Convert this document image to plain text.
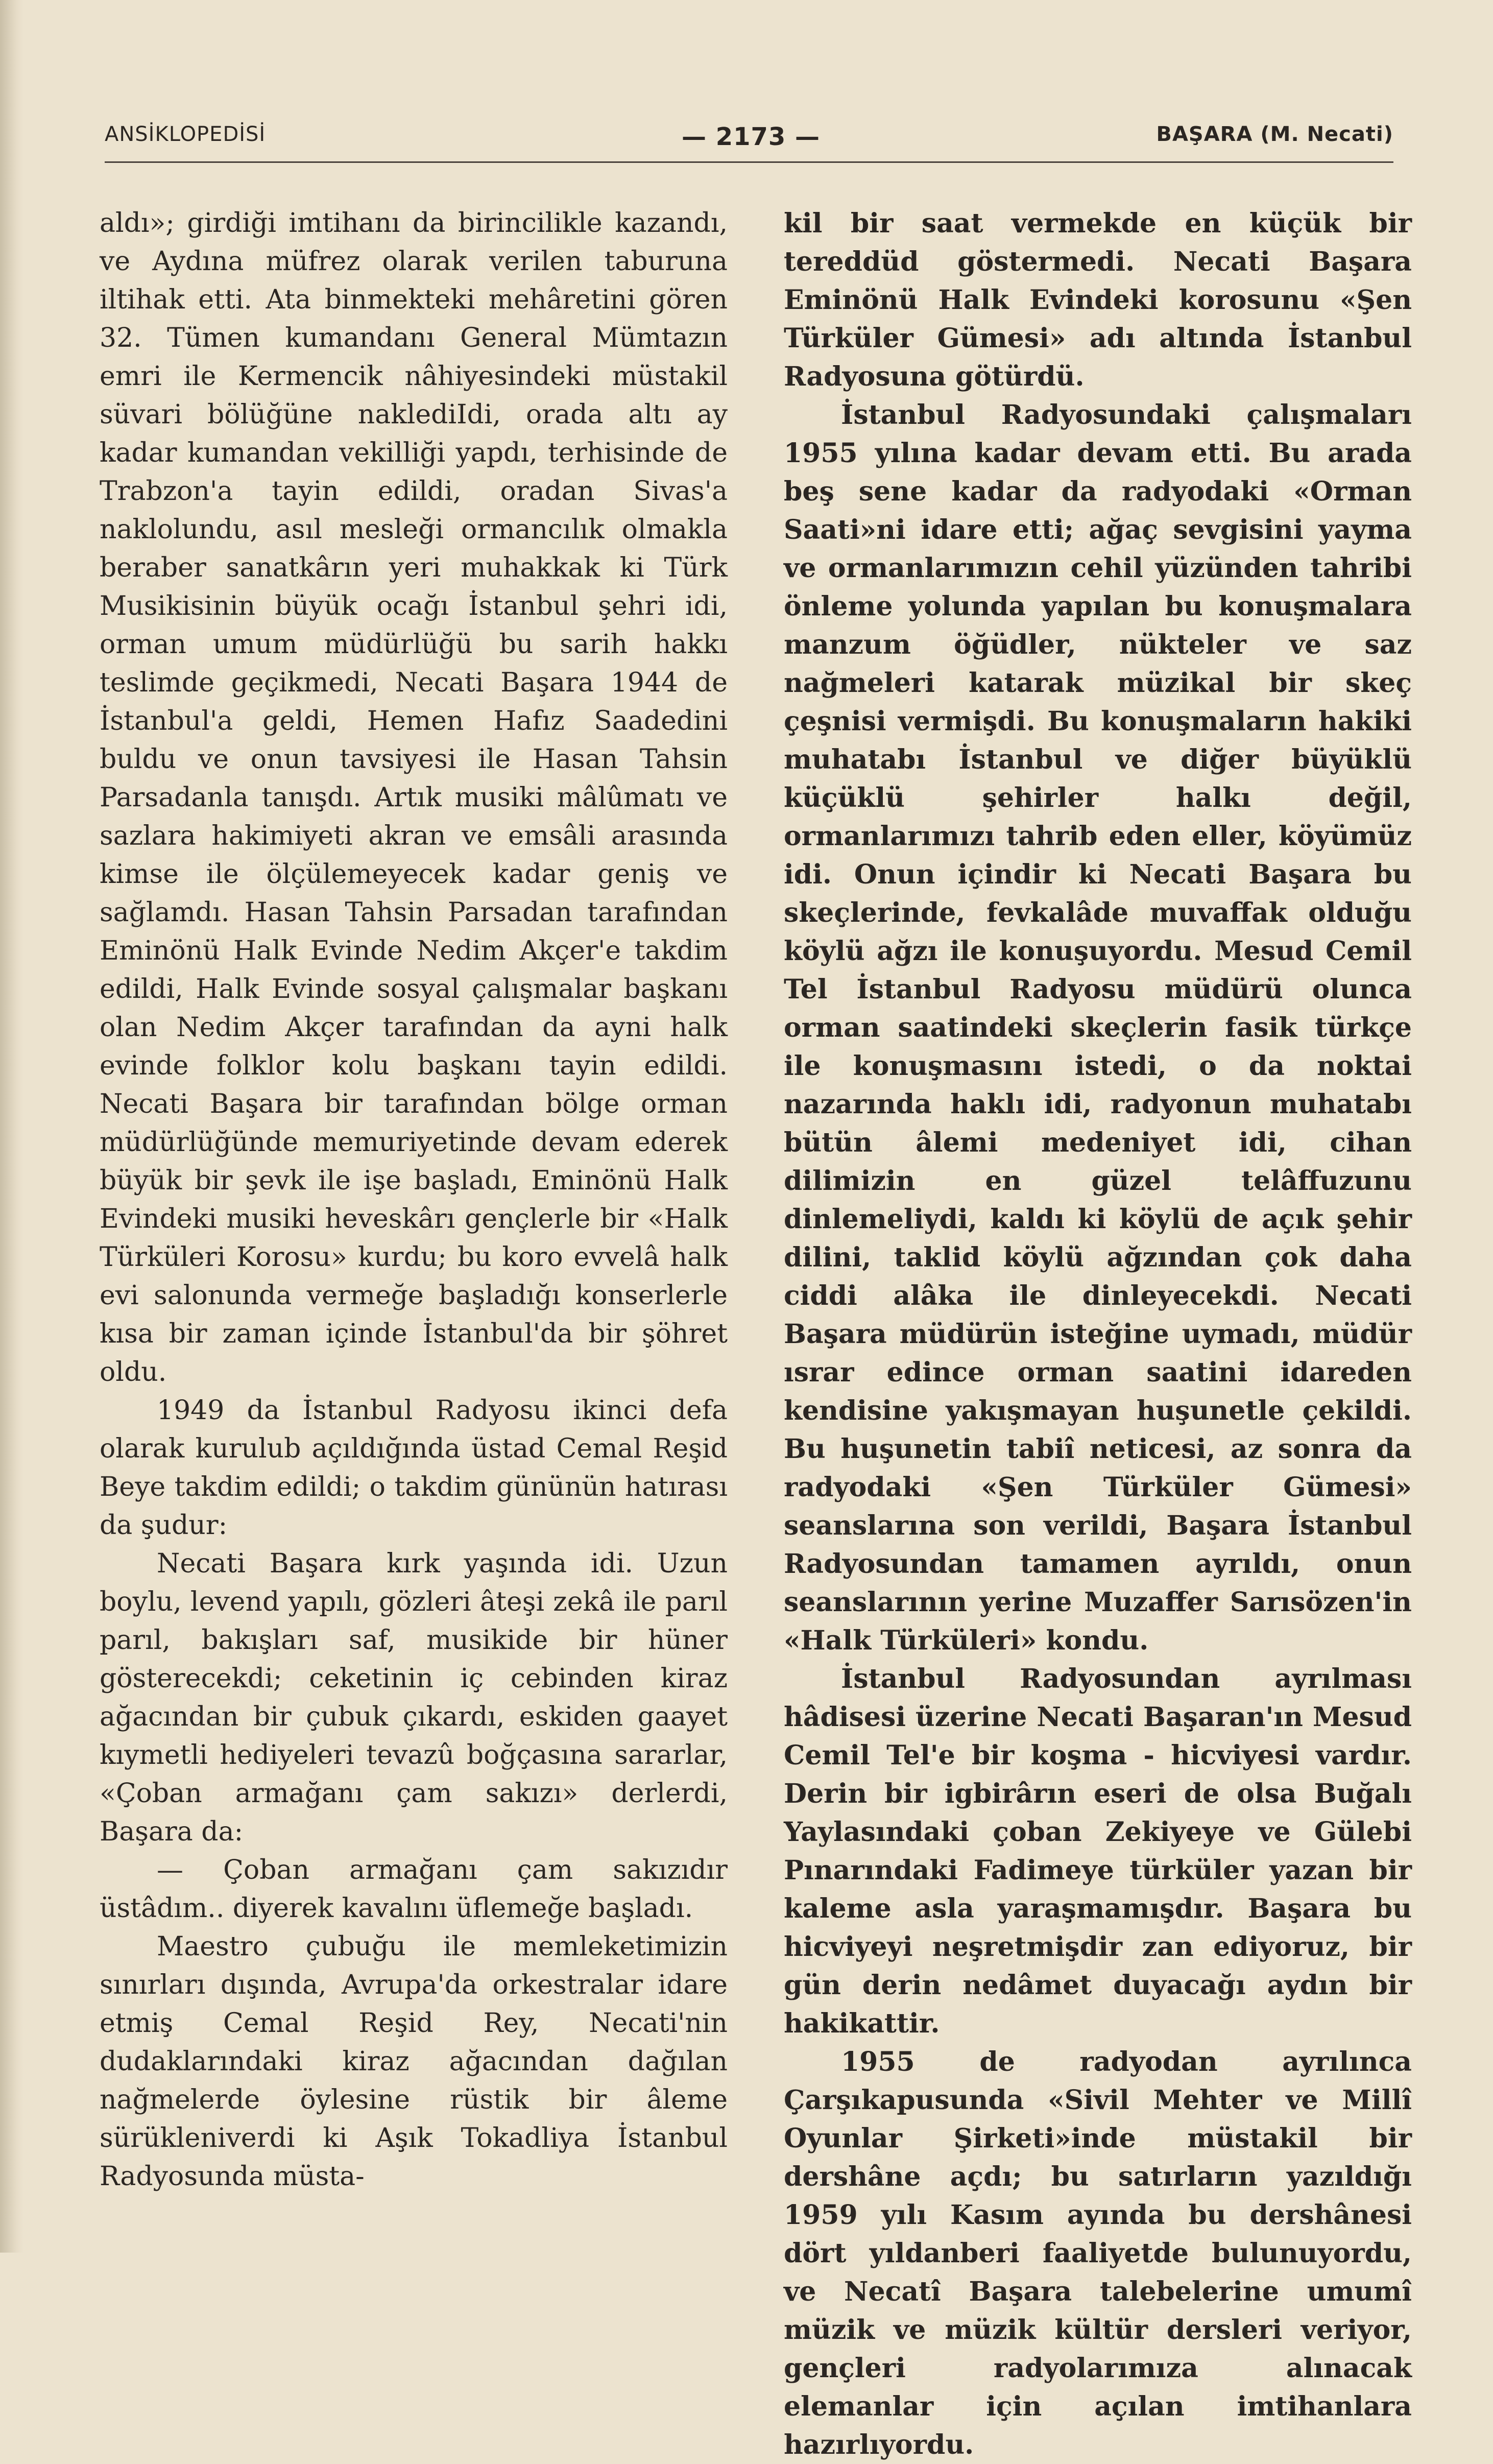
ANSİKLOPEDİSİ	— 2173 —	BAŞARA (M. Necati)

aldı»; girdiği imtihanı da birincilikle kazandı, ve Aydına müfrez olarak verilen taburuna iltihak etti. Ata binmekteki mehâretini gören 32. Tümen kumandanı General Mümtazın emri ile Kermencik nâhiyesindeki müstakil süvari bölüğüne naklediIdi, orada altı ay kadar kumandan vekilliği yapdı, terhisinde de Trabzon'a tayin edildi, oradan Sivas'a naklolundu, asıl mesleği ormancılık olmakla beraber sanatkârın yeri muhakkak ki Türk Musikisinin büyük ocağı İstanbul şehri idi, orman umum müdürlüğü bu sarih hakkı teslimde geçikmedi, Necati Başara 1944 de İstanbul'a geldi, Hemen Hafız Saadedini buldu ve onun tavsiyesi ile Hasan Tahsin Parsadanla tanışdı. Artık musiki mâlûmatı ve sazlara hakimiyeti akran ve emsâli arasında kimse ile ölçülemeyecek kadar geniş ve sağlamdı. Hasan Tahsin Parsadan tarafından Eminönü Halk Evinde Nedim Akçer'e takdim edildi, Halk Evinde sosyal çalışmalar başkanı olan Nedim Akçer tarafından da ayni halk evinde folklor kolu başkanı tayin edildi. Necati Başara bir tarafından bölge orman müdürlüğünde memuriyetinde devam ederek büyük bir şevk ile işe başladı, Eminönü Halk Evindeki musiki heveskârı gençlerle bir «Halk Türküleri Korosu» kurdu; bu koro evvelâ halk evi salonunda vermeğe başladığı konserlerle kısa bir zaman içinde İstanbul'da bir şöhret oldu.

1949 da İstanbul Radyosu ikinci defa olarak kurulub açıldığında üstad Cemal Reşid Beye takdim edildi; o takdim gününün hatırası da şudur:

Necati Başara kırk yaşında idi. Uzun boylu, levend yapılı, gözleri âteşi zekâ ile parıl parıl, bakışları saf, musikide bir hüner gösterecekdi; ceketinin iç cebinden kiraz ağacından bir çubuk çıkardı, eskiden gaayet kıymetli hediyeleri tevazû boğçasına sararlar, «Çoban armağanı çam sakızı» derlerdi, Başara da:

— Çoban armağanı çam sakızıdır üstâdım.. diyerek kavalını üflemeğe başladı.

Maestro çubuğu ile memleketimizin sınırları dışında, Avrupa'da orkestralar idare etmiş Cemal Reşid Rey, Necati'nin dudaklarındaki kiraz ağacından dağılan nağmelerde öylesine rüstik bir âleme sürükleniverdi ki Aşık Tokadliya İstanbul Radyosunda müsta-

kil bir saat vermekde en küçük bir tereddüd göstermedi. Necati Başara Eminönü Halk Evindeki korosunu «Şen Türküler Gümesi» adı altında İstanbul Radyosuna götürdü.

İstanbul Radyosundaki çalışmaları 1955 yılına kadar devam etti. Bu arada beş sene kadar da radyodaki «Orman Saati»ni idare etti; ağaç sevgisini yayma ve ormanlarımızın cehil yüzünden tahribi önleme yolunda yapılan bu konuşmalara manzum öğüdler, nükteler ve saz nağmeleri katarak müzikal bir skeç çeşnisi vermişdi. Bu konuşmaların hakiki muhatabı İstanbul ve diğer büyüklü küçüklü şehirler halkı değil, ormanlarımızı tahrib eden eller, köyümüz idi. Onun içindir ki Necati Başara bu skeçlerinde, fevkalâde muvaffak olduğu köylü ağzı ile konuşuyordu. Mesud Cemil Tel İstanbul Radyosu müdürü olunca orman saatindeki skeçlerin fasik türkçe ile konuşmasını istedi, o da noktai nazarında haklı idi, radyonun muhatabı bütün âlemi medeniyet idi, cihan dilimizin en güzel telâffuzunu dinlemeliydi, kaldı ki köylü de açık şehir dilini, taklid köylü ağzından çok daha ciddi alâka ile dinleyecekdi. Necati Başara müdürün isteğine uymadı, müdür ısrar edince orman saatini idareden kendisine yakışmayan huşunetle çekildi. Bu huşunetin tabiî neticesi, az sonra da radyodaki «Şen Türküler Gümesi» seanslarına son verildi, Başara İstanbul Radyosundan tamamen ayrıldı, onun seanslarının yerine Muzaffer Sarısözen'in «Halk Türküleri» kondu.

İstanbul Radyosundan ayrılması hâdisesi üzerine Necati Başaran'ın Mesud Cemil Tel'e bir koşma - hicviyesi vardır. Derin bir igbirârın eseri de olsa Buğalı Yaylasındaki çoban Zekiyeye ve Gülebi Pınarındaki Fadimeye türküler yazan bir kaleme asla yaraşmamışdır. Başara bu hicviyeyi neşretmişdir zan ediyoruz, bir gün derin nedâmet duyacağı aydın bir hakikattir.

1955 de radyodan ayrılınca Çarşıkapusunda «Sivil Mehter ve Millî Oyunlar Şirketi»inde müstakil bir dershâne açdı; bu satırların yazıldığı 1959 yılı Kasım ayında bu dershânesi dört yıldanberi faaliyetde bulunuyordu, ve Necatî Başara talebelerine umumî müzik ve müzik kültür dersleri veriyor, gençleri radyolarımıza alınacak elemanlar için açılan imtihanlara hazırlıyordu.
